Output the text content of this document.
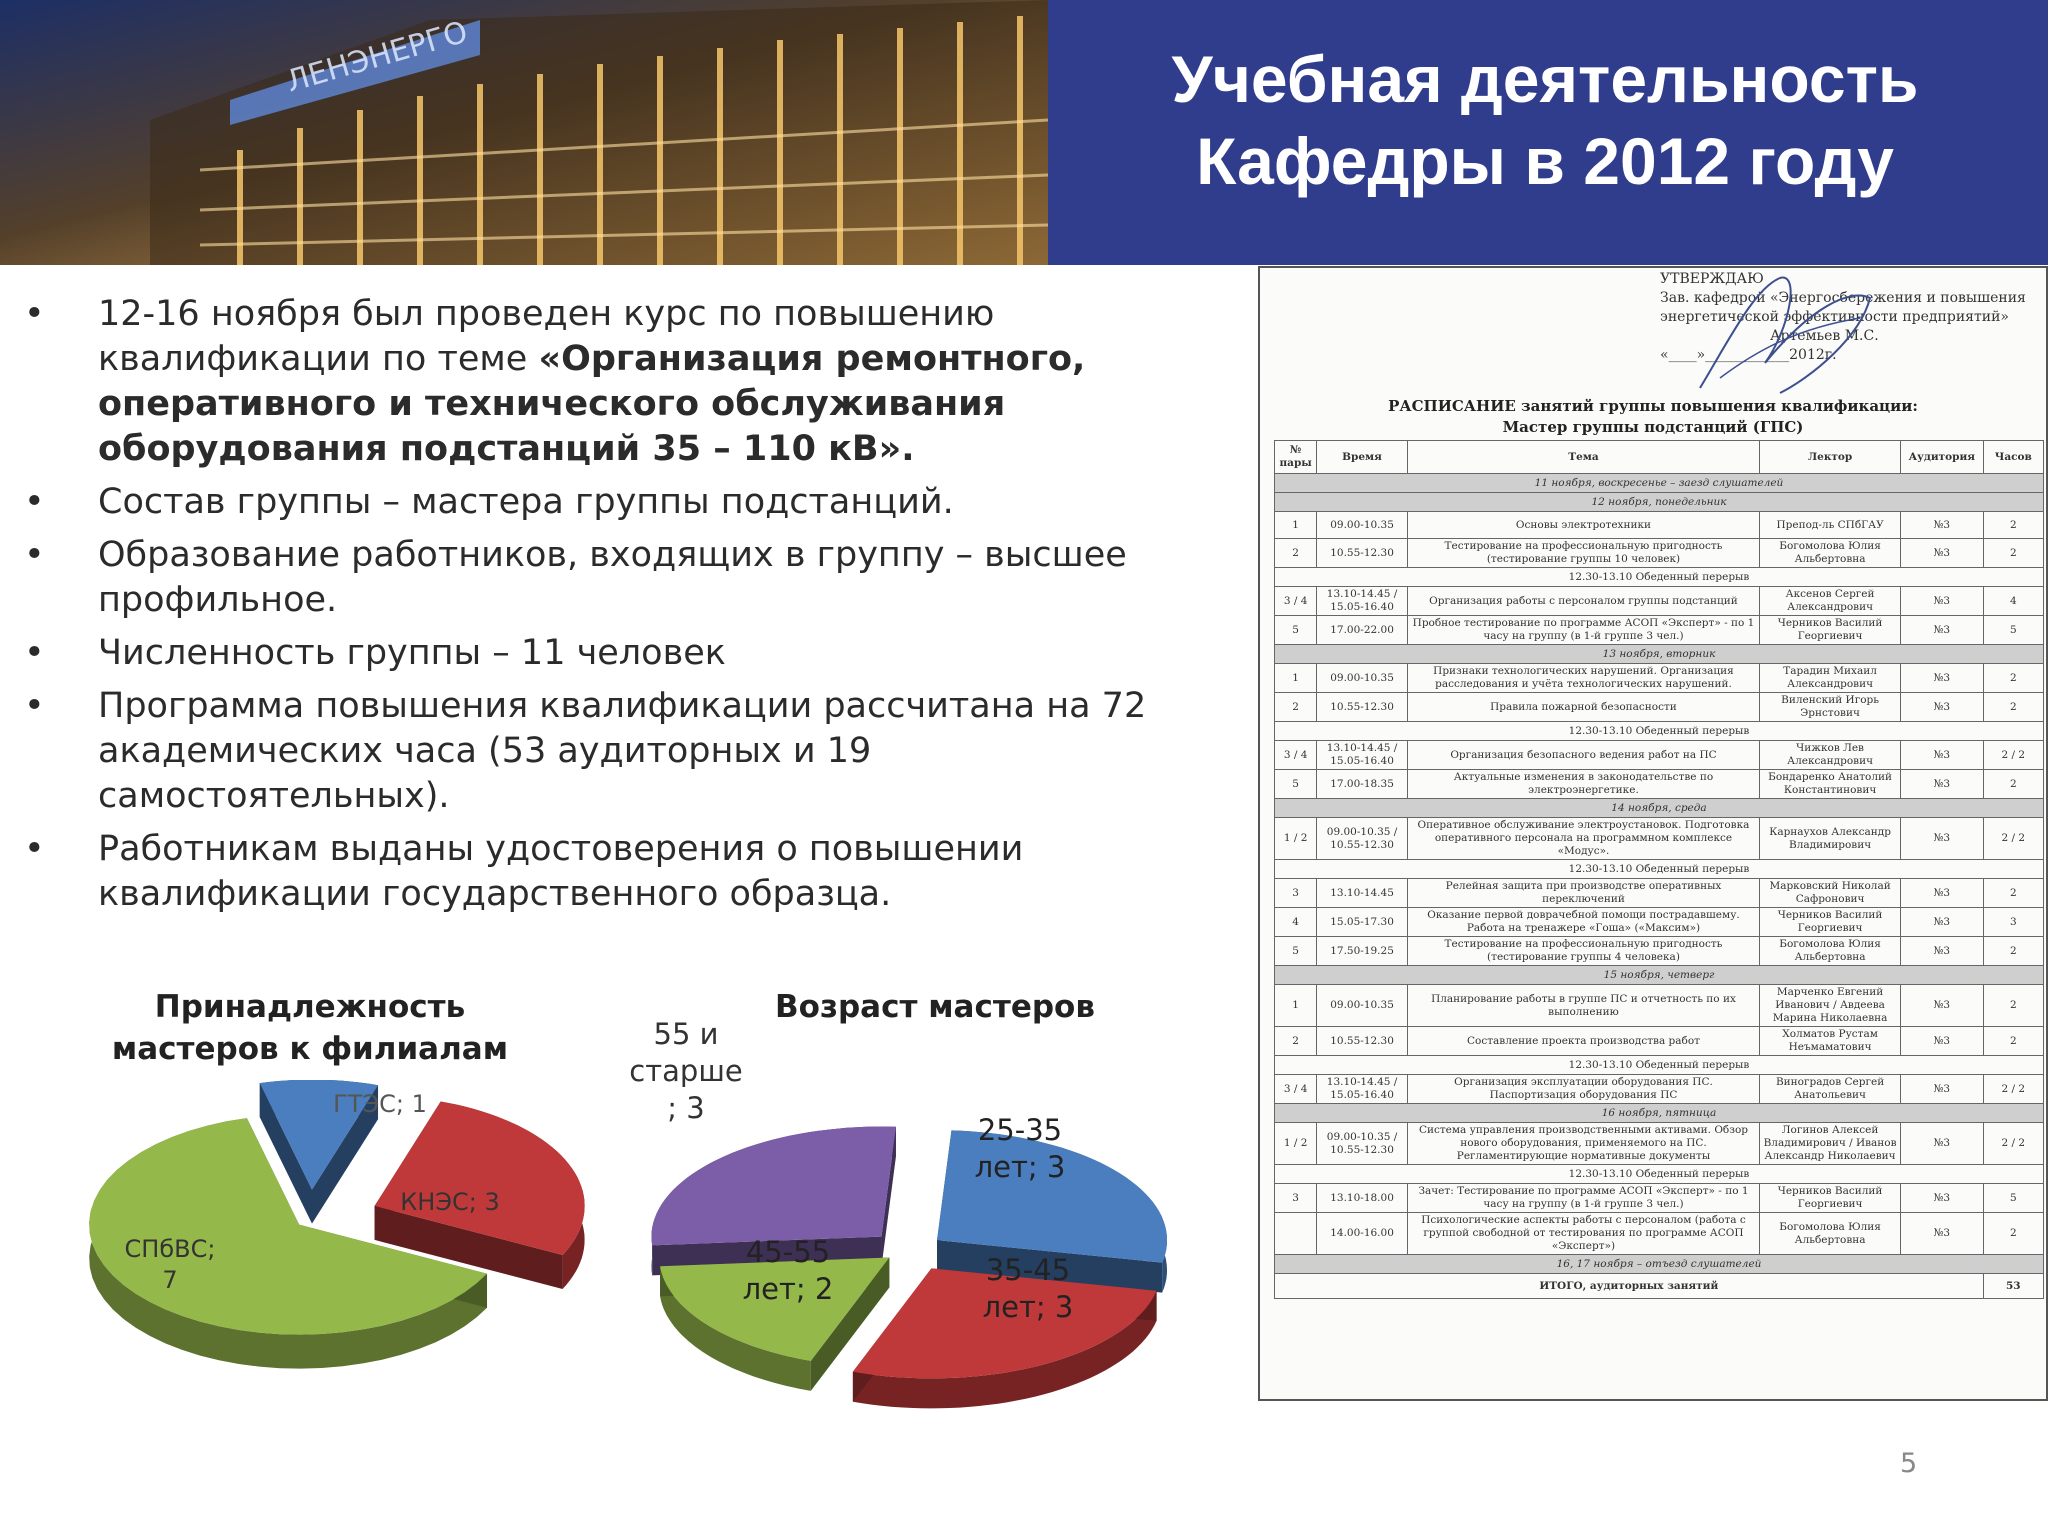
ЛЕНЭНЕРГО	Учебная деятельность
Кафедры в 2012 году
• 12-16 ноября был проведен курс по повышению квалификации по теме «Организация ремонтного, оперативного и технического обслуживания оборудования подстанций 35 – 110 кВ».
• Состав группы – мастера группы подстанций.
• Образование работников, входящих в группу – высшее профильное.
• Численность группы – 11 человек
• Программа повышения квалификации рассчитана на 72 академических часа (53 аудиторных и 19 самостоятельных).
• Работникам выданы удостоверения о повышении квалификации государственного образца.
Принадлежность
мастеров к филиалам
ГТЭС; 1
КНЭС; 3
СПбВС;
7
Возраст мастеров
55 и
старше
; 3
25-35
лет; 3
35-45
лет; 3
45-55
лет; 2
УТВЕРЖДАЮ
Зав. кафедрой «Энергосбережения и повышения
энергетической эффективности предприятий»
Артемьев М.С.
«____»____________2012г.
РАСПИСАНИЕ занятий группы повышения квалификации:
Мастер группы подстанций (ГПС)
№ пары	Время	Тема	Лектор	Аудитория	Часов
11 ноября, воскресенье – заезд слушателей					
12 ноября, понедельник					
1	09.00-10.35	Основы электротехники	Препод-ль СПбГАУ	№3	2
2	10.55-12.30	Тестирование на профессиональную пригодность (тестирование группы 10 человек)	Богомолова Юлия Альбертовна	№3	2
12.30-13.10 Обеденный перерыв					
3 / 4	13.10-14.45 / 15.05-16.40	Организация работы с персоналом группы подстанций	Аксенов Сергей Александрович	№3	4
5	17.00-22.00	Пробное тестирование по программе АСОП «Эксперт» - по 1 часу на группу (в 1-й группе 3 чел.)	Черников Василий Георгиевич	№3	5
13 ноября, вторник					
1	09.00-10.35	Признаки технологических нарушений. Организация расследования и учёта технологических нарушений.	Тарадин Михаил Александрович	№3	2
2	10.55-12.30	Правила пожарной безопасности	Виленский Игорь Эрнстович	№3	2
12.30-13.10 Обеденный перерыв					
3 / 4	13.10-14.45 / 15.05-16.40	Организация безопасного ведения работ на ПС	Чижков Лев Александрович	№3	2 / 2
5	17.00-18.35	Актуальные изменения в законодательстве по электроэнергетике.	Бондаренко Анатолий Константинович	№3	2
14 ноября, среда					
1 / 2	09.00-10.35 / 10.55-12.30	Оперативное обслуживание электроустановок. Подготовка оперативного персонала на программном комплексе «Модус».	Карнаухов Александр Владимирович	№3	2 / 2
12.30-13.10 Обеденный перерыв					
3	13.10-14.45	Релейная защита при производстве оперативных переключений	Марковский Николай Сафронович	№3	2
4	15.05-17.30	Оказание первой доврачебной помощи пострадавшему. Работа на тренажере «Гоша» («Максим»)	Черников Василий Георгиевич	№3	3
5	17.50-19.25	Тестирование на профессиональную пригодность (тестирование группы 4 человека)	Богомолова Юлия Альбертовна	№3	2
15 ноября, четверг					
1	09.00-10.35	Планирование работы в группе ПС и отчетность по их выполнению	Марченко Евгений Иванович / Авдеева Марина Николаевна	№3	2
2	10.55-12.30	Составление проекта производства работ	Холматов Рустам Неъмаматович	№3	2
12.30-13.10 Обеденный перерыв					
3 / 4	13.10-14.45 / 15.05-16.40	Организация эксплуатации оборудования ПС. Паспортизация оборудования ПС	Виноградов Сергей Анатольевич	№3	2 / 2
16 ноября, пятница					
1 / 2	09.00-10.35 / 10.55-12.30	Система управления производственными активами. Обзор нового оборудования, применяемого на ПС. Регламентирующие нормативные документы	Логинов Алексей Владимирович / Иванов Александр Николаевич	№3	2 / 2
12.30-13.10 Обеденный перерыв					
3	13.10-18.00	Зачет: Тестирование по программе АСОП «Эксперт» - по 1 часу на группу (в 1-й группе 3 чел.)	Черников Василий Георгиевич	№3	5
	14.00-16.00	Психологические аспекты работы с персоналом (работа с группой свободной от тестирования по программе АСОП «Эксперт»)	Богомолова Юлия Альбертовна	№3	2
16, 17 ноября – отъезд слушателей					
ИТОГО, аудиторных занятий					53
5
